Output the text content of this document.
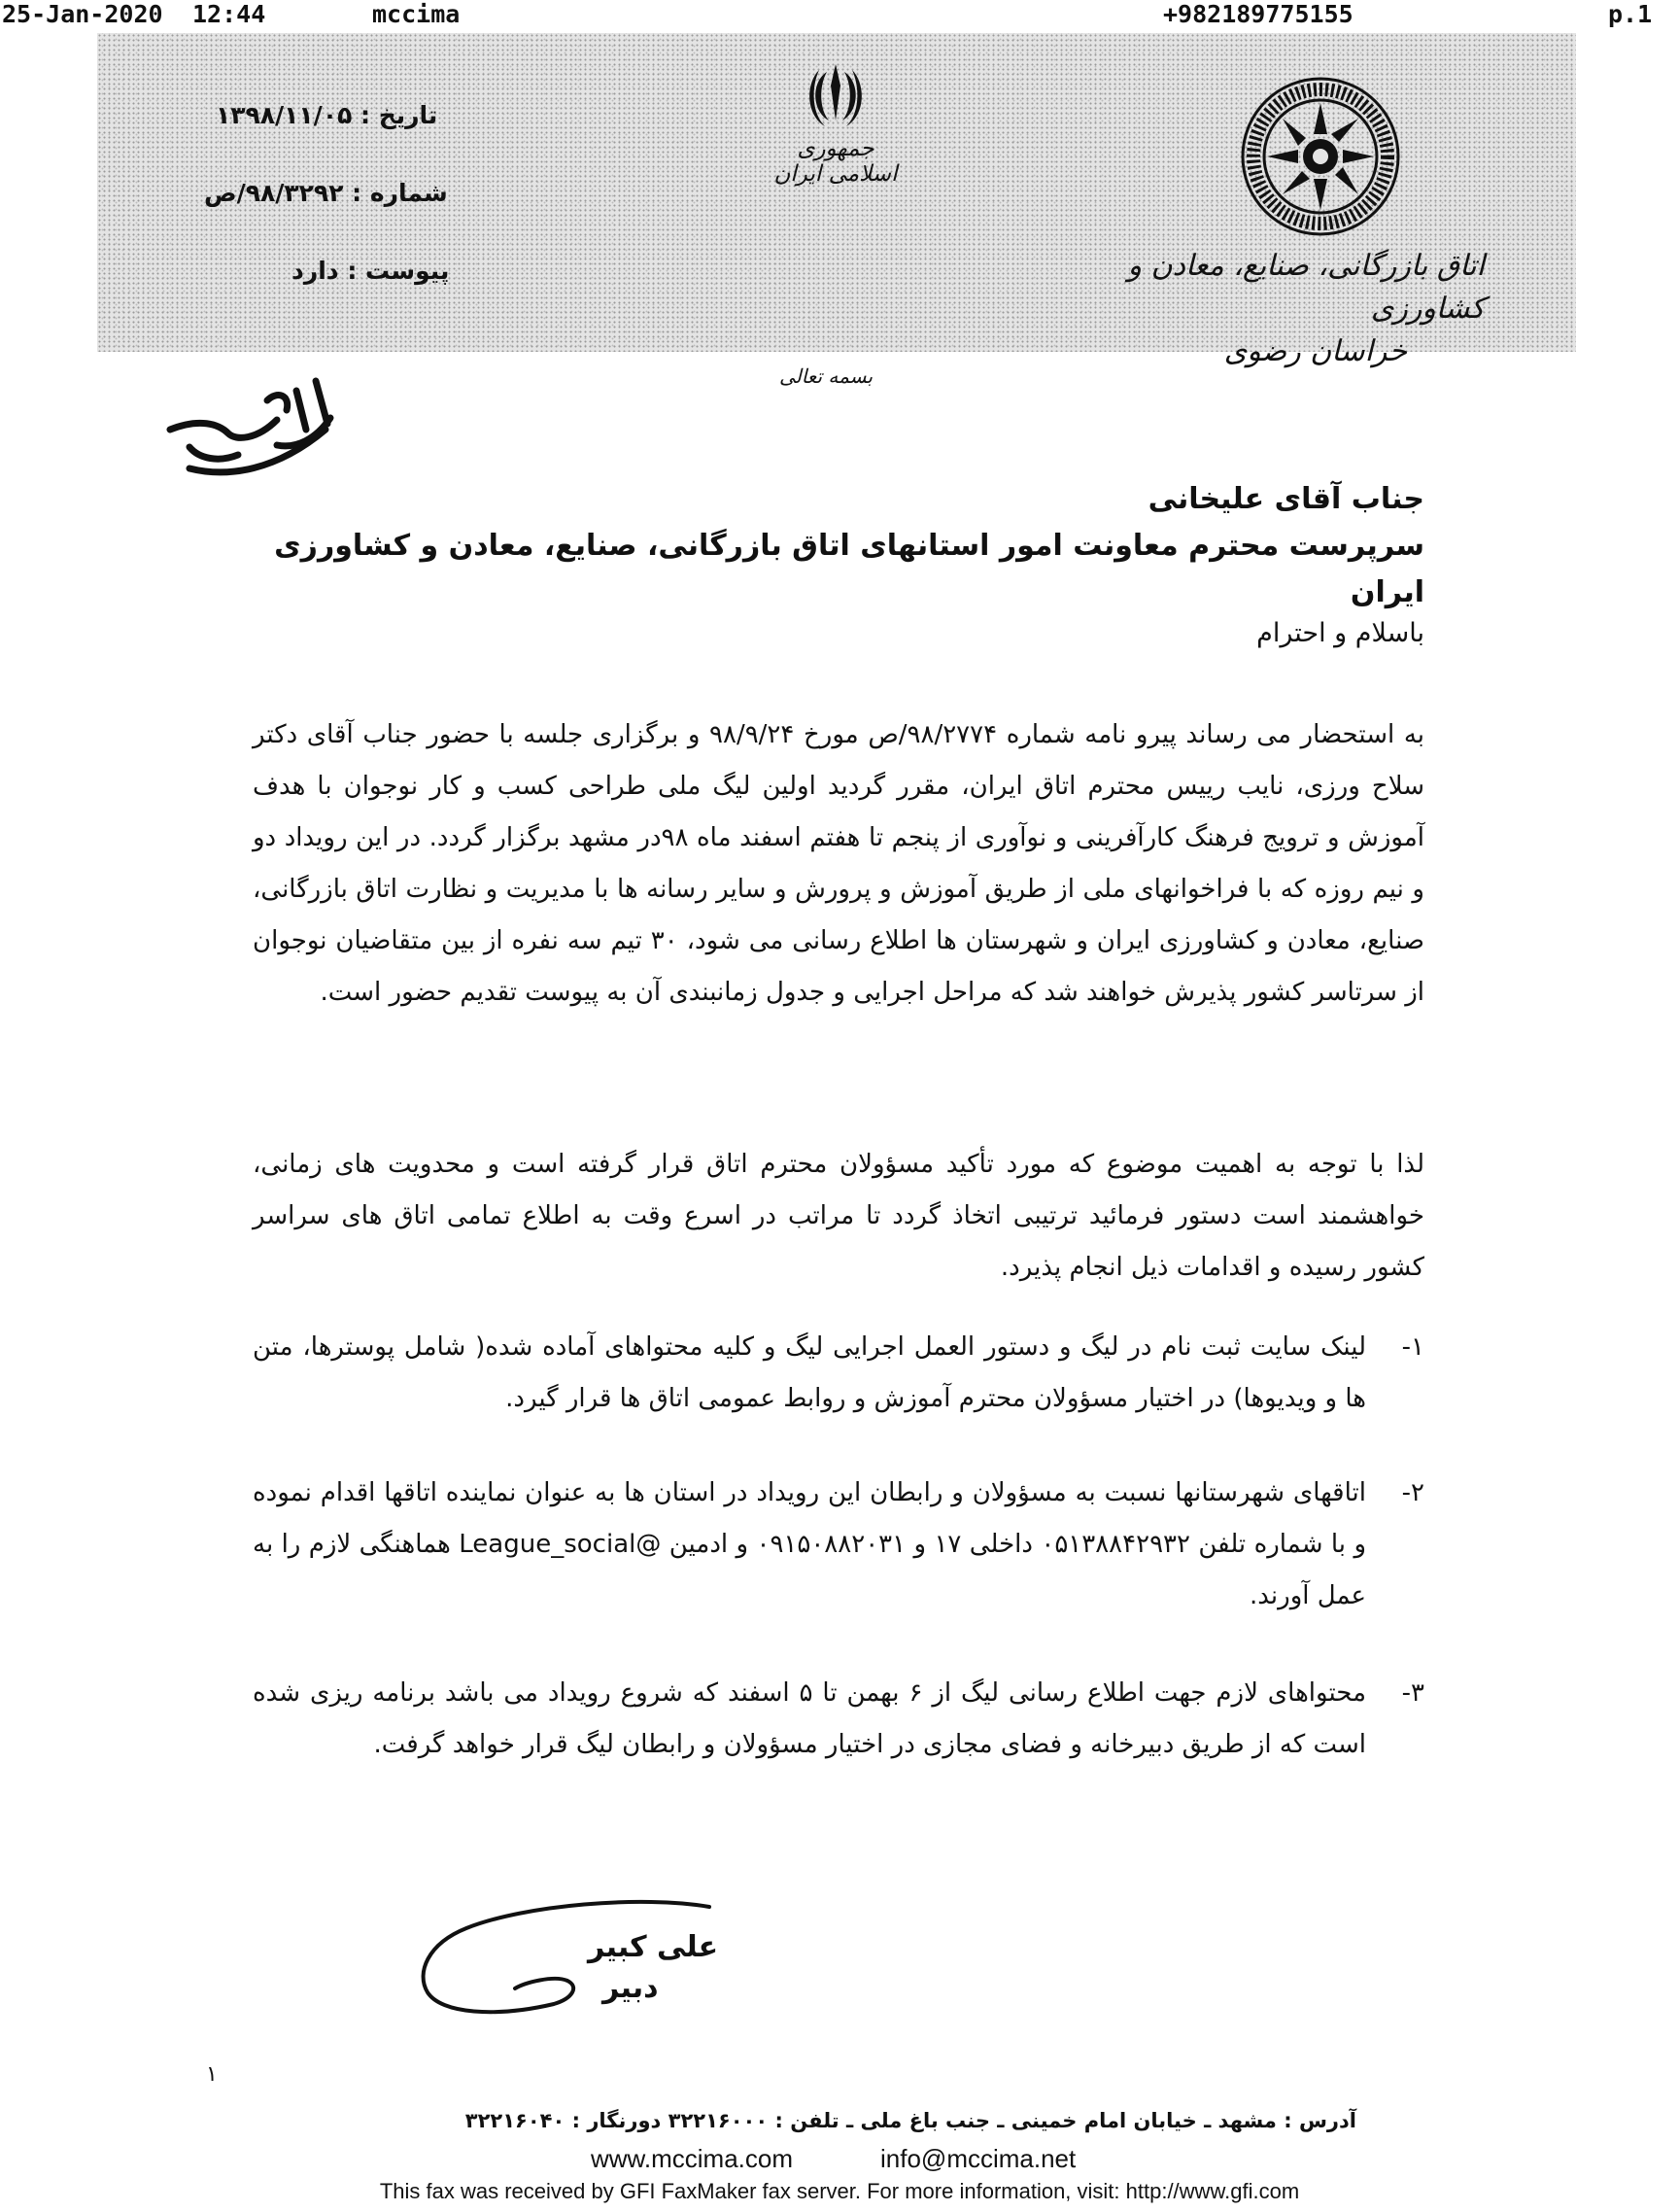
25-Jan-2020 12:44	mccima	+982189775155	p.1
تاریخ : ۱۳۹۸/۱۱/۰۵
شماره : ۹۸/۳۲۹۲/ص
پیوست : دارد
جمهوری اسلامی ایران
اتاق بازرگانی، صنایع، معادن و کشاورزی
خراسان رضوی
بسمه تعالی
جناب آقای علیخانی
سرپرست محترم معاونت امور استانهای اتاق بازرگانی، صنایع، معادن و کشاورزی ایران
باسلام و احترام
به استحضار می رساند پیرو نامه شماره ۹۸/۲۷۷۴/ص مورخ ۹۸/۹/۲۴ و برگزاری جلسه با حضور جناب آقای دکتر سلاح ورزی، نایب رییس محترم اتاق ایران، مقرر گردید اولین لیگ ملی طراحی کسب و کار نوجوان با هدف آموزش و ترویج فرهنگ کارآفرینی و نوآوری از پنجم تا هفتم اسفند ماه ۹۸در مشهد برگزار گردد. در این رویداد دو و نیم روزه که با فراخوانهای ملی از طریق آموزش و پرورش و سایر رسانه ها با مدیریت و نظارت اتاق بازرگانی، صنایع، معادن و کشاورزی ایران و شهرستان ها اطلاع رسانی می شود، ۳۰ تیم سه نفره از بین متقاضیان نوجوان از سرتاسر کشور پذیرش خواهند شد که مراحل اجرایی و جدول زمانبندی آن به پیوست تقدیم حضور است.
لذا با توجه به اهمیت موضوع که مورد تأکید مسؤولان محترم اتاق قرار گرفته است و محدویت های زمانی، خواهشمند است دستور فرمائید ترتیبی اتخاذ گردد تا مراتب در اسرع وقت به اطلاع تمامی اتاق های سراسر کشور رسیده و اقدامات ذیل انجام پذیرد.
۱-
لینک سایت ثبت نام در لیگ و دستور العمل اجرایی لیگ و کلیه محتواهای آماده شده( شامل پوسترها، متن ها و ویدیوها) در اختیار مسؤولان محترم آموزش و روابط عمومی اتاق ها قرار گیرد.
۲-
اتاقهای شهرستانها نسبت به مسؤولان و رابطان این رویداد در استان ها به عنوان نماینده اتاقها اقدام نموده و با شماره تلفن ۰۵۱۳۸۸۴۲۹۳۲ داخلی ۱۷ و ۰۹۱۵۰۸۸۲۰۳۱ و ادمین @League_social هماهنگی لازم را به عمل آورند.
۳-
محتواهای لازم جهت اطلاع رسانی لیگ از ۶ بهمن تا ۵ اسفند که شروع رویداد می باشد برنامه ریزی شده است که از طریق دبیرخانه و فضای مجازی در اختیار مسؤولان و رابطان لیگ قرار خواهد گرفت.
علی کبیر
دبیر
۱
آدرس : مشهد ـ خیابان امام خمینی ـ جنب باغ ملی ـ تلفن : ۳۲۲۱۶۰۰۰ دورنگار : ۳۲۲۱۶۰۴۰
www.mccima.com	info@mccima.net
This fax was received by GFI FaxMaker fax server. For more information, visit: http://www.gfi.com
